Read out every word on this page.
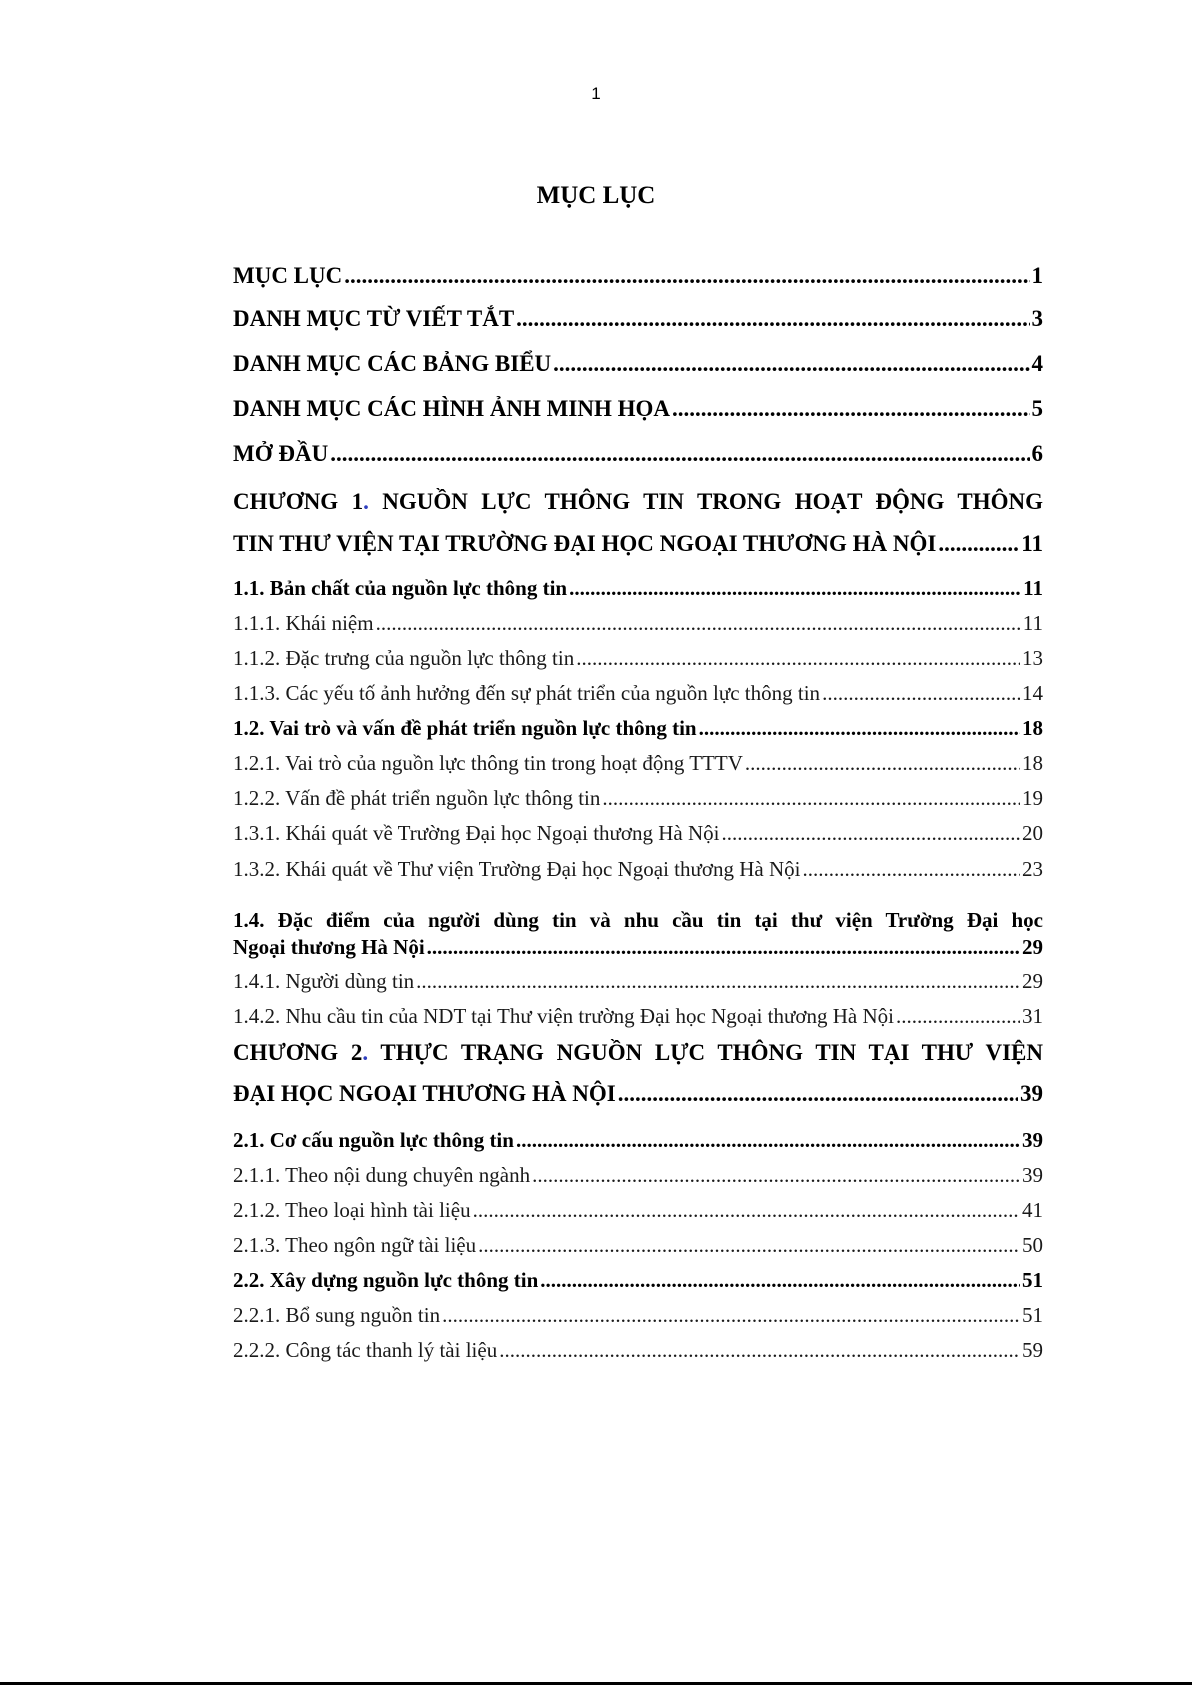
1
MỤC LỤC
MỤC LỤC .....	1
DANH MỤC TỪ VIẾT TẮT .....	3
DANH MỤC CÁC BẢNG BIỂU .....	4
DANH MỤC CÁC HÌNH ẢNH MINH HỌA .....	5
MỞ ĐẦU .....	6
CHƯƠNG 1. NGUỒN LỰC THÔNG TIN TRONG HOẠT ĐỘNG THÔNG
TIN THƯ VIỆN TẠI TRƯỜNG ĐẠI HỌC NGOẠI THƯƠNG HÀ NỘI .....	11
1.1. Bản chất của nguồn lực thông tin .....	11
1.1.1. Khái niệm .....	11
1.1.2. Đặc trưng của nguồn lực thông tin .....	13
1.1.3. Các yếu tố ảnh hưởng đến sự phát triển của nguồn lực thông tin .....	14
1.2. Vai trò và vấn đề phát triển nguồn lực thông tin .....	18
1.2.1. Vai trò của nguồn lực thông tin trong hoạt động TTTV .....	18
1.2.2. Vấn đề phát triển nguồn lực thông tin .....	19
1.3.1. Khái quát về Trường Đại học Ngoại thương Hà Nội .....	20
1.3.2. Khái quát về Thư viện Trường Đại học Ngoại thương Hà Nội .....	23
1.4. Đặc điểm của người dùng tin và nhu cầu tin tại thư viện Trường Đại học
Ngoại thương Hà Nội .....	29
1.4.1. Người dùng tin .....	29
1.4.2. Nhu cầu tin của NDT tại Thư viện trường Đại học Ngoại thương Hà Nội .....	31
CHƯƠNG 2. THỰC TRẠNG NGUỒN LỰC THÔNG TIN TẠI THƯ VIỆN
ĐẠI HỌC NGOẠI THƯƠNG HÀ NỘI .....	39
2.1. Cơ cấu nguồn lực thông tin .....	39
2.1.1. Theo nội dung chuyên ngành .....	39
2.1.2. Theo loại hình tài liệu .....	41
2.1.3. Theo ngôn ngữ tài liệu .....	50
2.2. Xây dựng nguồn lực thông tin .....	51
2.2.1. Bổ sung nguồn tin .....	51
2.2.2. Công tác thanh lý tài liệu .....	59
